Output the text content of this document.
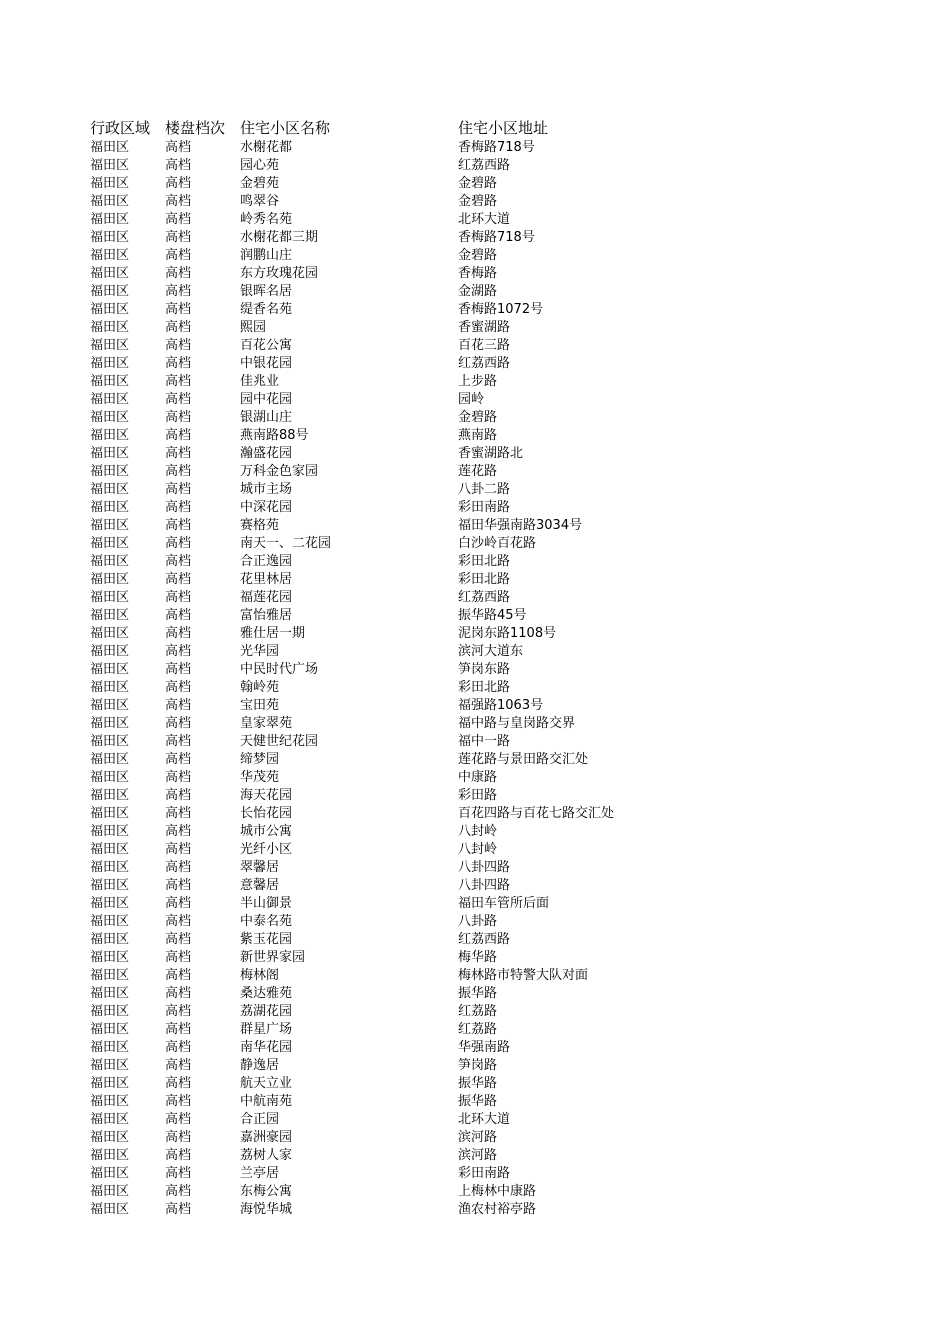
行政区域 楼盘档次 住宅小区名称	住宅小区地址
福田区	高档	水榭花都	香梅路718号
福田区	高档	园心苑	红荔西路
福田区	高档	金碧苑	金碧路
福田区	高档	鸣翠谷	金碧路
福田区	高档	岭秀名苑	北环大道
福田区	高档	水榭花都三期	香梅路718号
福田区	高档	润鹏山庄	金碧路
福田区	高档	东方玫瑰花园	香梅路
福田区	高档	银晖名居	金湖路
福田区	高档	缇香名苑	香梅路1072号
福田区	高档	熙园	香蜜湖路
福田区	高档	百花公寓	百花三路
福田区	高档	中银花园	红荔西路
福田区	高档	佳兆业	上步路
福田区	高档	园中花园	园岭
福田区	高档	银湖山庄	金碧路
福田区	高档	燕南路88号	燕南路
福田区	高档	瀚盛花园	香蜜湖路北
福田区	高档	万科金色家园	莲花路
福田区	高档	城市主场	八卦二路
福田区	高档	中深花园	彩田南路
福田区	高档	赛格苑	福田华强南路3034号
福田区	高档	南天一、二花园	白沙岭百花路
福田区	高档	合正逸园	彩田北路
福田区	高档	花里林居	彩田北路
福田区	高档	福莲花园	红荔西路
福田区	高档	富怡雅居	振华路45号
福田区	高档	雅仕居一期	泥岗东路1108号
福田区	高档	光华园	滨河大道东
福田区	高档	中民时代广场	笋岗东路
福田区	高档	翰岭苑	彩田北路
福田区	高档	宝田苑	福强路1063号
福田区	高档	皇家翠苑	福中路与皇岗路交界
福田区	高档	天健世纪花园	福中一路
福田区	高档	缔梦园	莲花路与景田路交汇处
福田区	高档	华茂苑	中康路
福田区	高档	海天花园	彩田路
福田区	高档	长怡花园	百花四路与百花七路交汇处
福田区	高档	城市公寓	八封岭
福田区	高档	光纤小区	八封岭
福田区	高档	翠馨居	八卦四路
福田区	高档	意馨居	八卦四路
福田区	高档	半山御景	福田车管所后面
福田区	高档	中泰名苑	八卦路
福田区	高档	紫玉花园	红荔西路
福田区	高档	新世界家园	梅华路
福田区	高档	梅林阁	梅林路市特警大队对面
福田区	高档	桑达雅苑	振华路
福田区	高档	荔湖花园	红荔路
福田区	高档	群星广场	红荔路
福田区	高档	南华花园	华强南路
福田区	高档	静逸居	笋岗路
福田区	高档	航天立业	振华路
福田区	高档	中航南苑	振华路
福田区	高档	合正园	北环大道
福田区	高档	嘉洲豪园	滨河路
福田区	高档	荔树人家	滨河路
福田区	高档	兰亭居	彩田南路
福田区	高档	东梅公寓	上梅林中康路
福田区	高档	海悦华城	渔农村裕亭路
